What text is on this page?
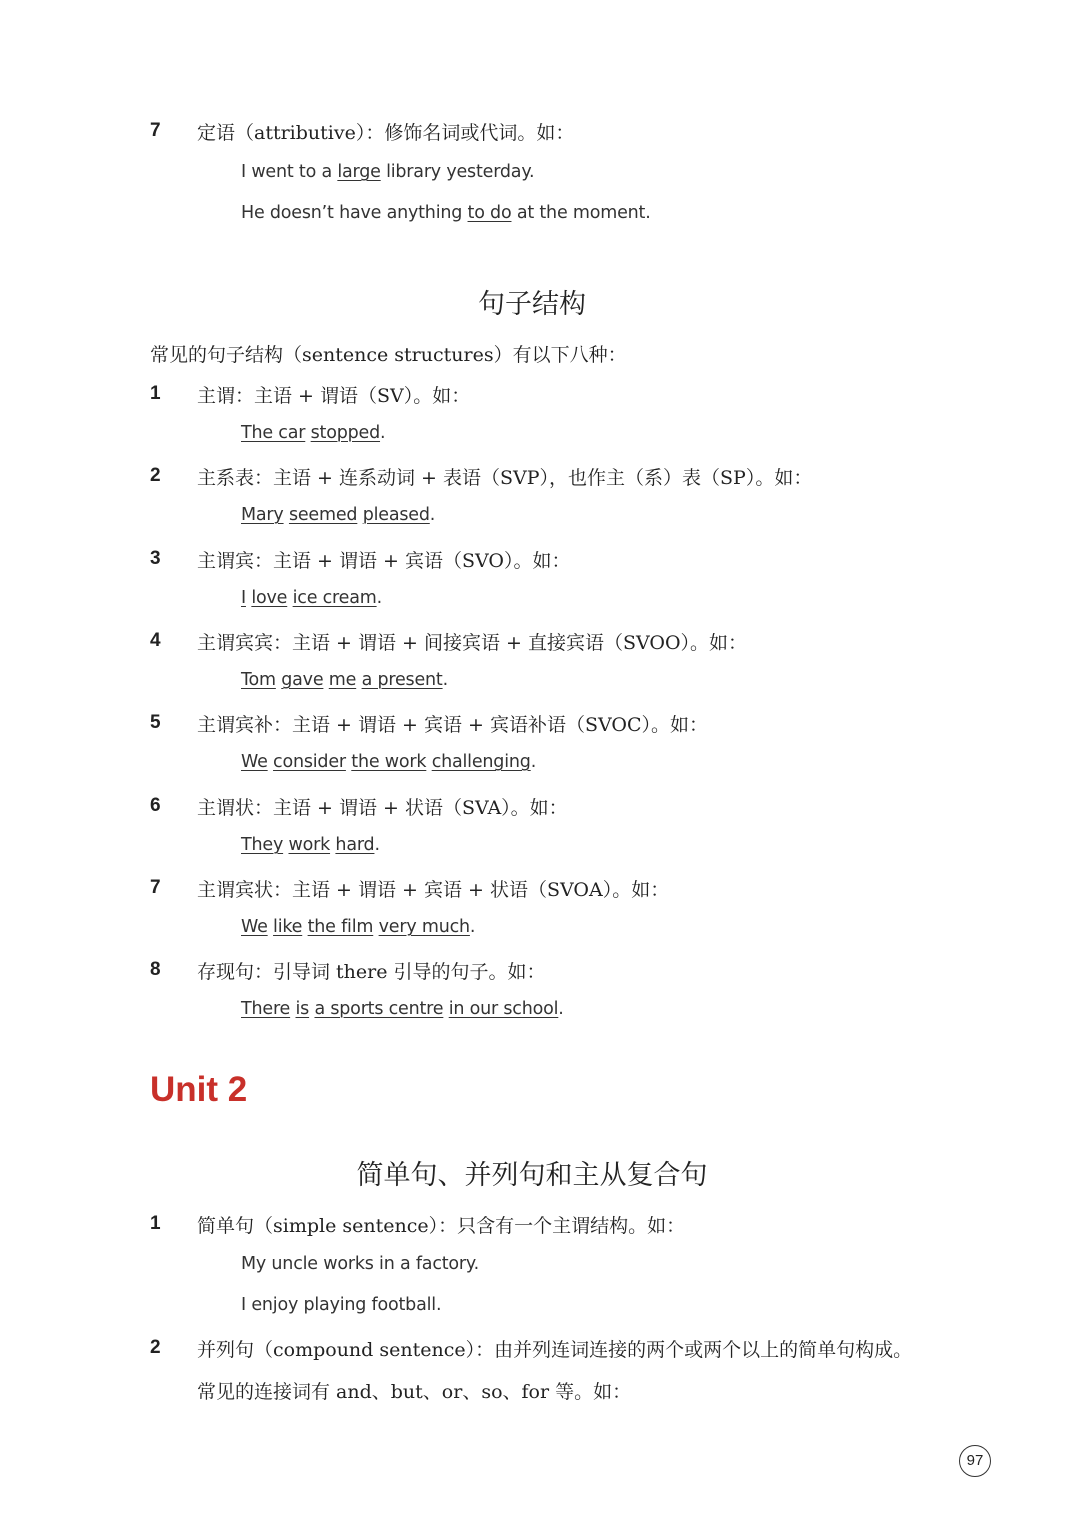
7 定语（attributive）：修饰名词或代词。如：
I went to a large library yesterday.
He doesn’t have anything to do at the moment.
句子结构
常见的句子结构（sentence structures）有以下八种：
1 主谓：主语 + 谓语（SV）。如：
The car stopped.
2 主系表：主语 + 连系动词 + 表语（SVP），也作主（系）表（SP）。如：
Mary seemed pleased.
3 主谓宾：主语 + 谓语 + 宾语（SVO）。如：
I love ice cream.
4 主谓宾宾：主语 + 谓语 + 间接宾语 + 直接宾语（SVOO）。如：
Tom gave me a present.
5 主谓宾补：主语 + 谓语 + 宾语 + 宾语补语（SVOC）。如：
We consider the work challenging.
6 主谓状：主语 + 谓语 + 状语（SVA）。如：
They work hard.
7 主谓宾状：主语 + 谓语 + 宾语 + 状语（SVOA）。如：
We like the film very much.
8 存现句：引导词 there 引导的句子。如：
There is a sports centre in our school.
Unit 2
简单句、并列句和主从复合句
1 简单句（simple sentence）：只含有一个主谓结构。如：
My uncle works in a factory.
I enjoy playing football.
2 并列句（compound sentence）：由并列连词连接的两个或两个以上的简单句构成。
常见的连接词有 and、but、or、so、for 等。如：
97
